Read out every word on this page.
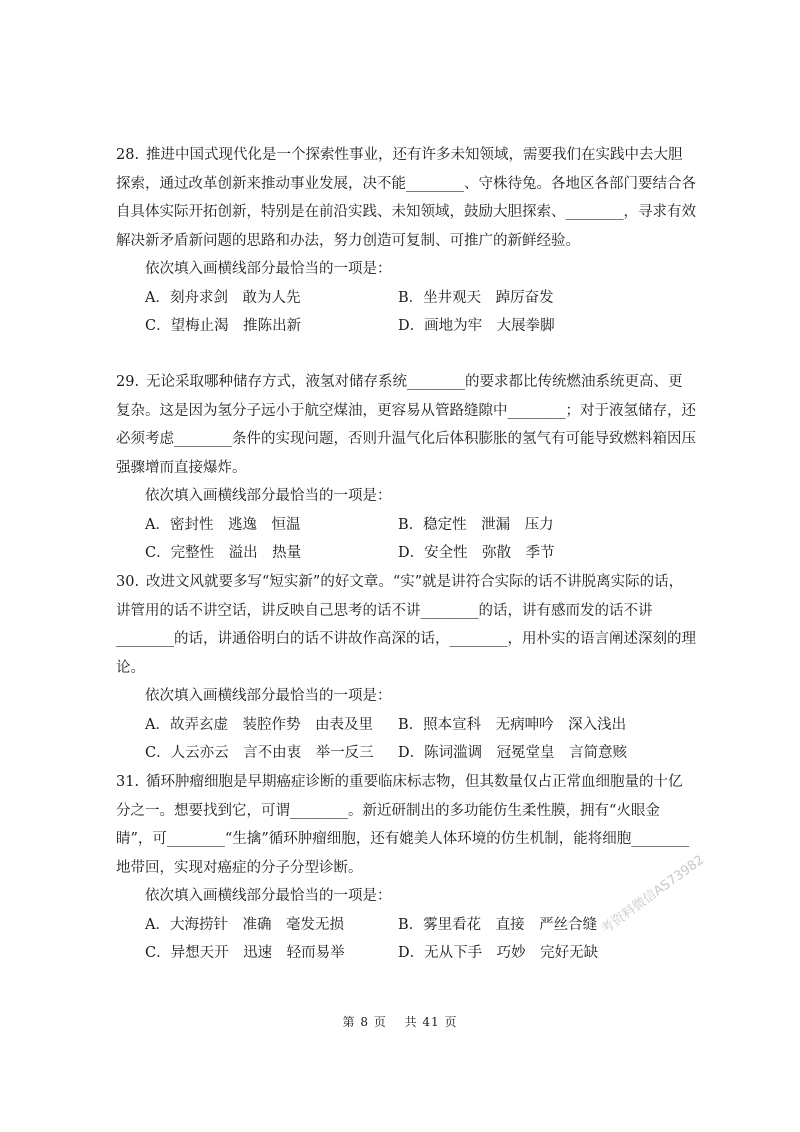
28. 推进中国式现代化是一个探索性事业，还有许多未知领域，需要我们在实践中去大胆探索，通过改革创新来推动事业发展，决不能________、守株待兔。各地区各部门要结合各自具体实际开拓创新，特别是在前沿实践、未知领域，鼓励大胆探索、________，寻求有效解决新矛盾新问题的思路和办法，努力创造可复制、可推广的新鲜经验。

依次填入画横线部分最恰当的一项是：

A．刻舟求剑　敢为人先	B．坐井观天　踔厉奋发
C．望梅止渴　推陈出新	D．画地为牢　大展拳脚

29. 无论采取哪种储存方式，液氢对储存系统________的要求都比传统燃油系统更高、更复杂。这是因为氢分子远小于航空煤油，更容易从管路缝隙中________；对于液氢储存，还必须考虑________条件的实现问题，否则升温气化后体积膨胀的氢气有可能导致燃料箱因压强骤增而直接爆炸。

依次填入画横线部分最恰当的一项是：

A．密封性　逃逸　恒温	B．稳定性　泄漏　压力
C．完整性　溢出　热量	D．安全性　弥散　季节

30. 改进文风就要多写“短实新”的好文章。“实”就是讲符合实际的话不讲脱离实际的话，讲管用的话不讲空话，讲反映自己思考的话不讲________的话，讲有感而发的话不讲________的话，讲通俗明白的话不讲故作高深的话，________，用朴实的语言阐述深刻的理论。

依次填入画横线部分最恰当的一项是：

A．故弄玄虚　装腔作势　由表及里	B．照本宣科　无病呻吟　深入浅出
C．人云亦云　言不由衷　举一反三	D．陈词滥调　冠冕堂皇　言简意赅

31. 循环肿瘤细胞是早期癌症诊断的重要临床标志物，但其数量仅占正常血细胞量的十亿分之一。想要找到它，可谓________。新近研制出的多功能仿生柔性膜，拥有“火眼金睛”，可________“生擒”循环肿瘤细胞，还有媲美人体环境的仿生机制，能将细胞________地带回，实现对癌症的分子分型诊断。

依次填入画横线部分最恰当的一项是：

A．大海捞针　准确　毫发无损	B．雾里看花　直接　严丝合缝
C．异想天开　迅速　轻而易举	D．无从下手　巧妙　完好无缺
考资料微信AS73982
第 8 页　 共 41 页
